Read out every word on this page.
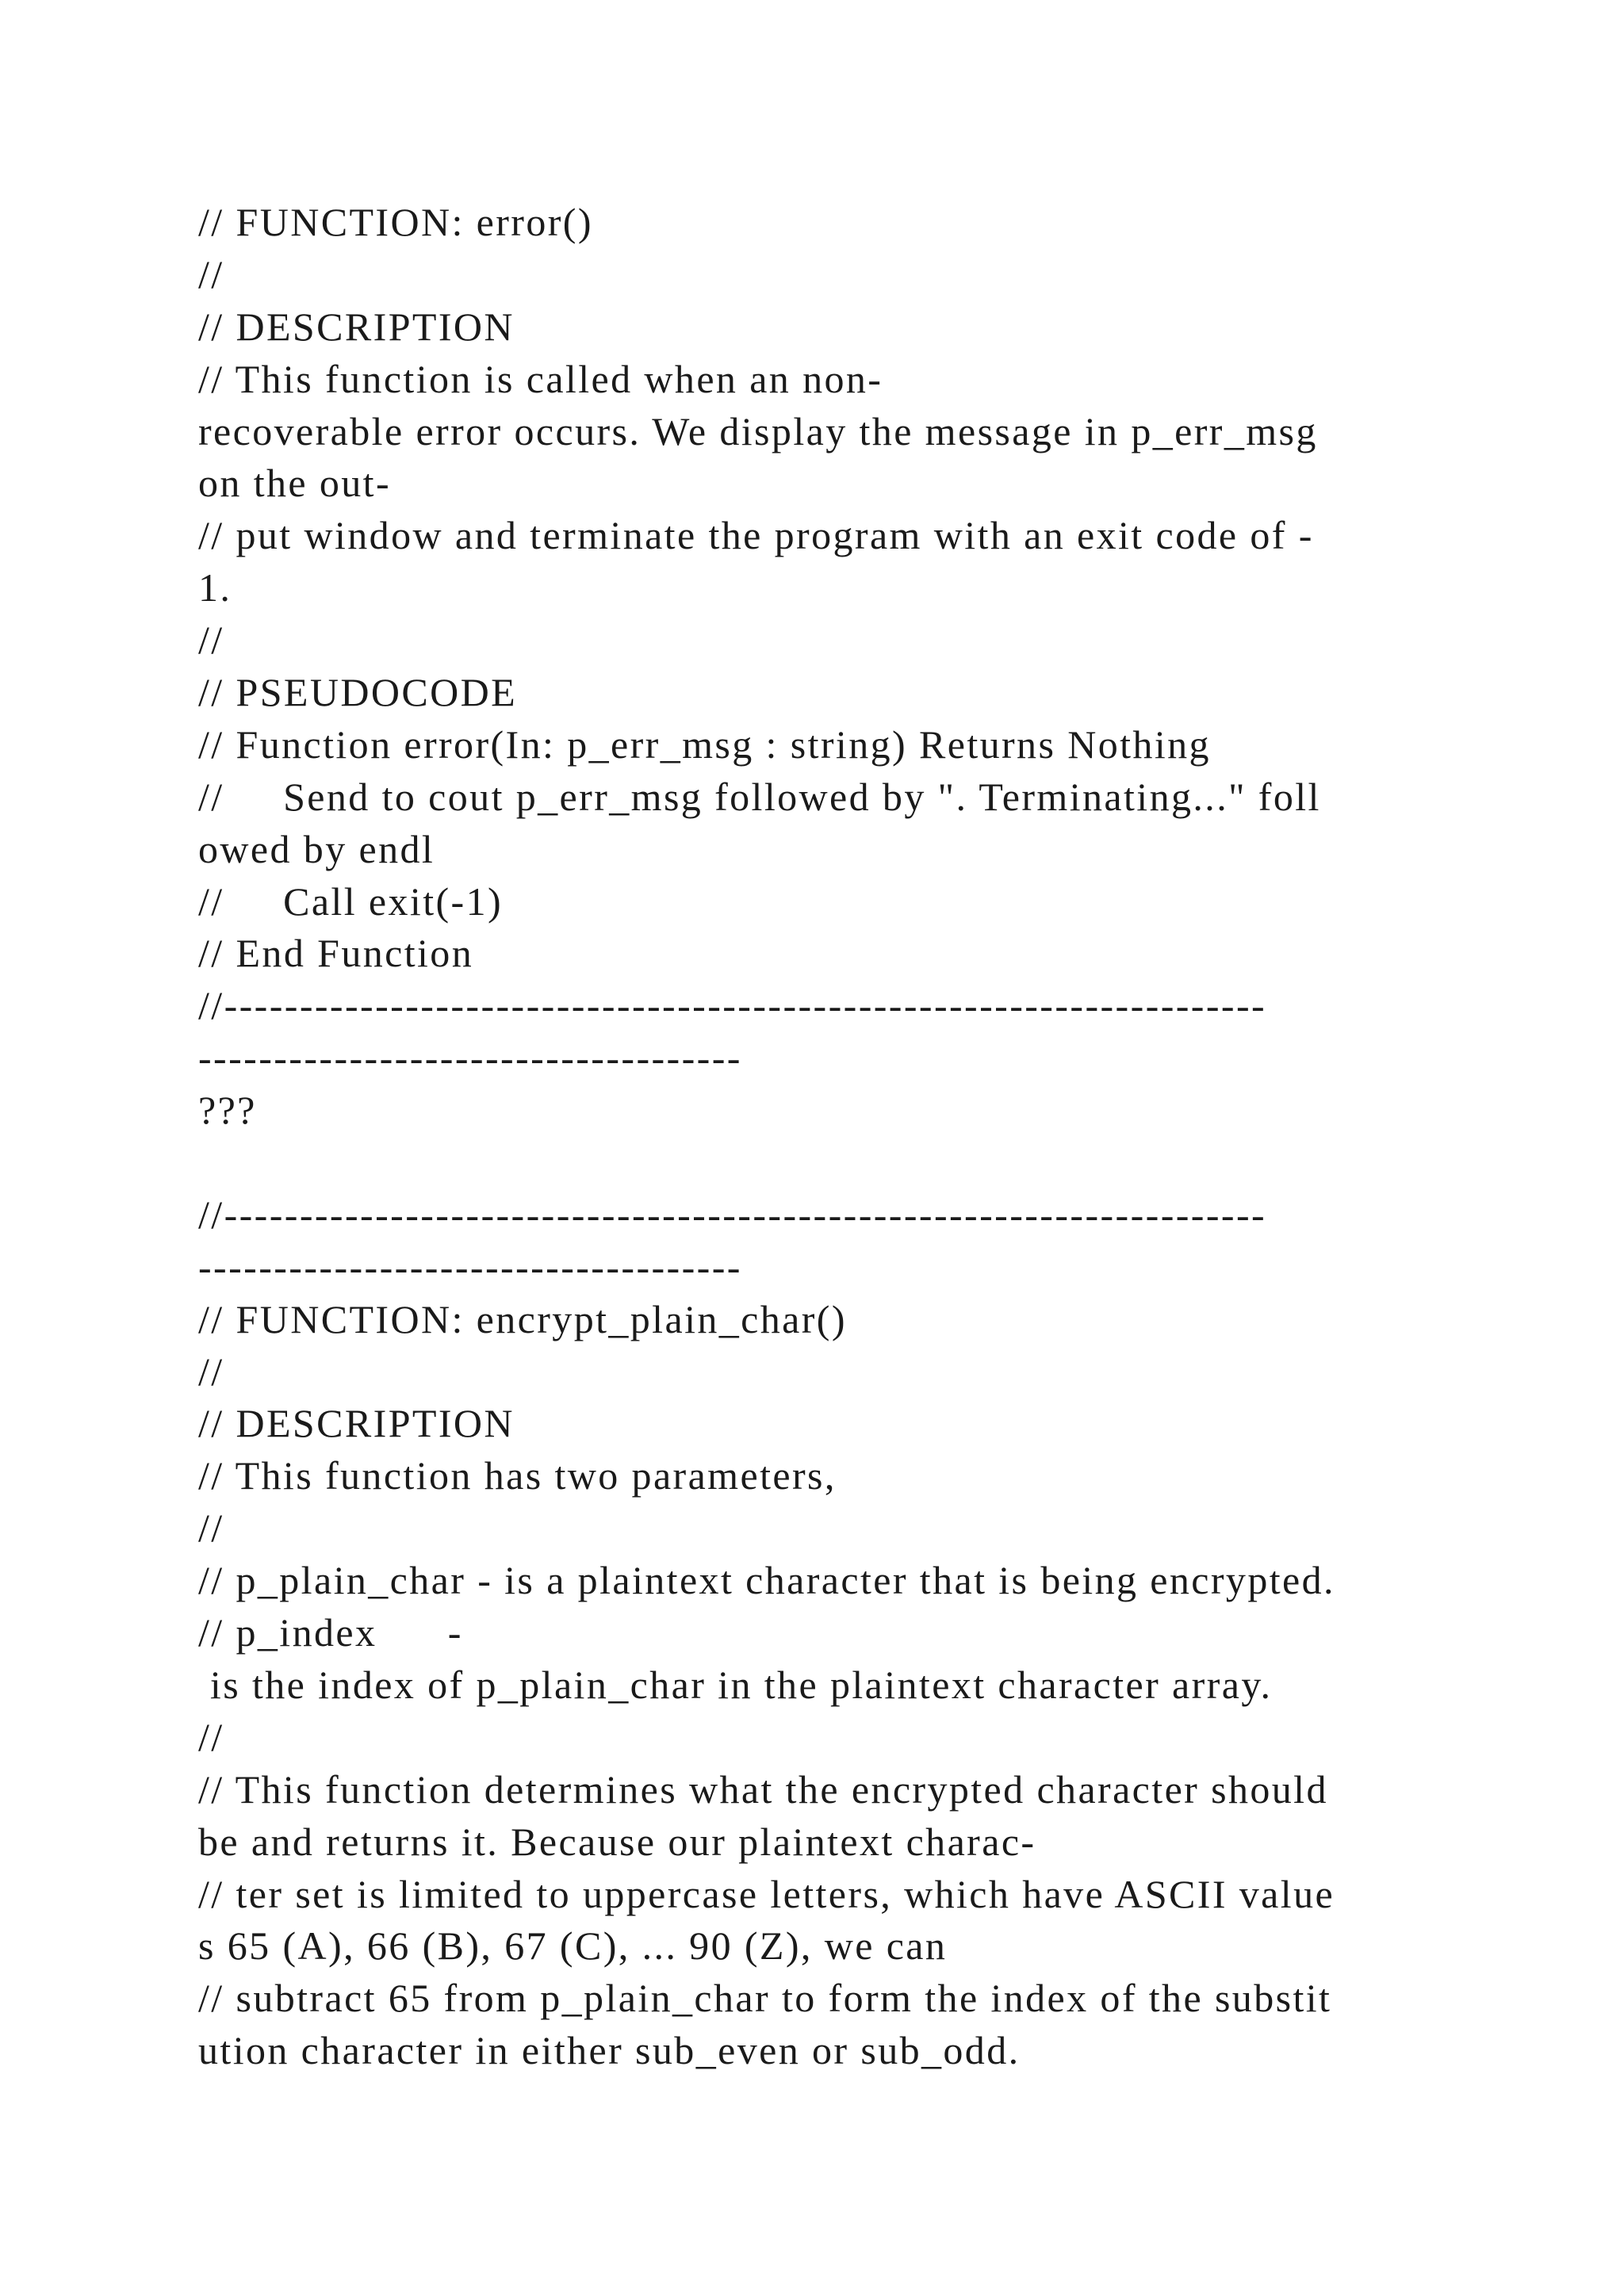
// FUNCTION: error()
//
// DESCRIPTION
// This function is called when an non-
recoverable error occurs. We display the message in p_err_msg
on the out-
// put window and terminate the program with an exit code of -
1.
//
// PSEUDOCODE
// Function error(In: p_err_msg : string) Returns Nothing
//     Send to cout p_err_msg followed by ". Terminating..." foll
owed by endl
//     Call exit(-1)
// End Function
//---------------------------------------------------------------------
------------------------------------
???
//---------------------------------------------------------------------
------------------------------------
// FUNCTION: encrypt_plain_char()
//
// DESCRIPTION
// This function has two parameters,
//
// p_plain_char - is a plaintext character that is being encrypted.
// p_index      -
is the index of p_plain_char in the plaintext character array.
//
// This function determines what the encrypted character should
be and returns it. Because our plaintext charac-
// ter set is limited to uppercase letters, which have ASCII value
s 65 (A), 66 (B), 67 (C), ... 90 (Z), we can
// subtract 65 from p_plain_char to form the index of the substit
ution character in either sub_even or sub_odd.
